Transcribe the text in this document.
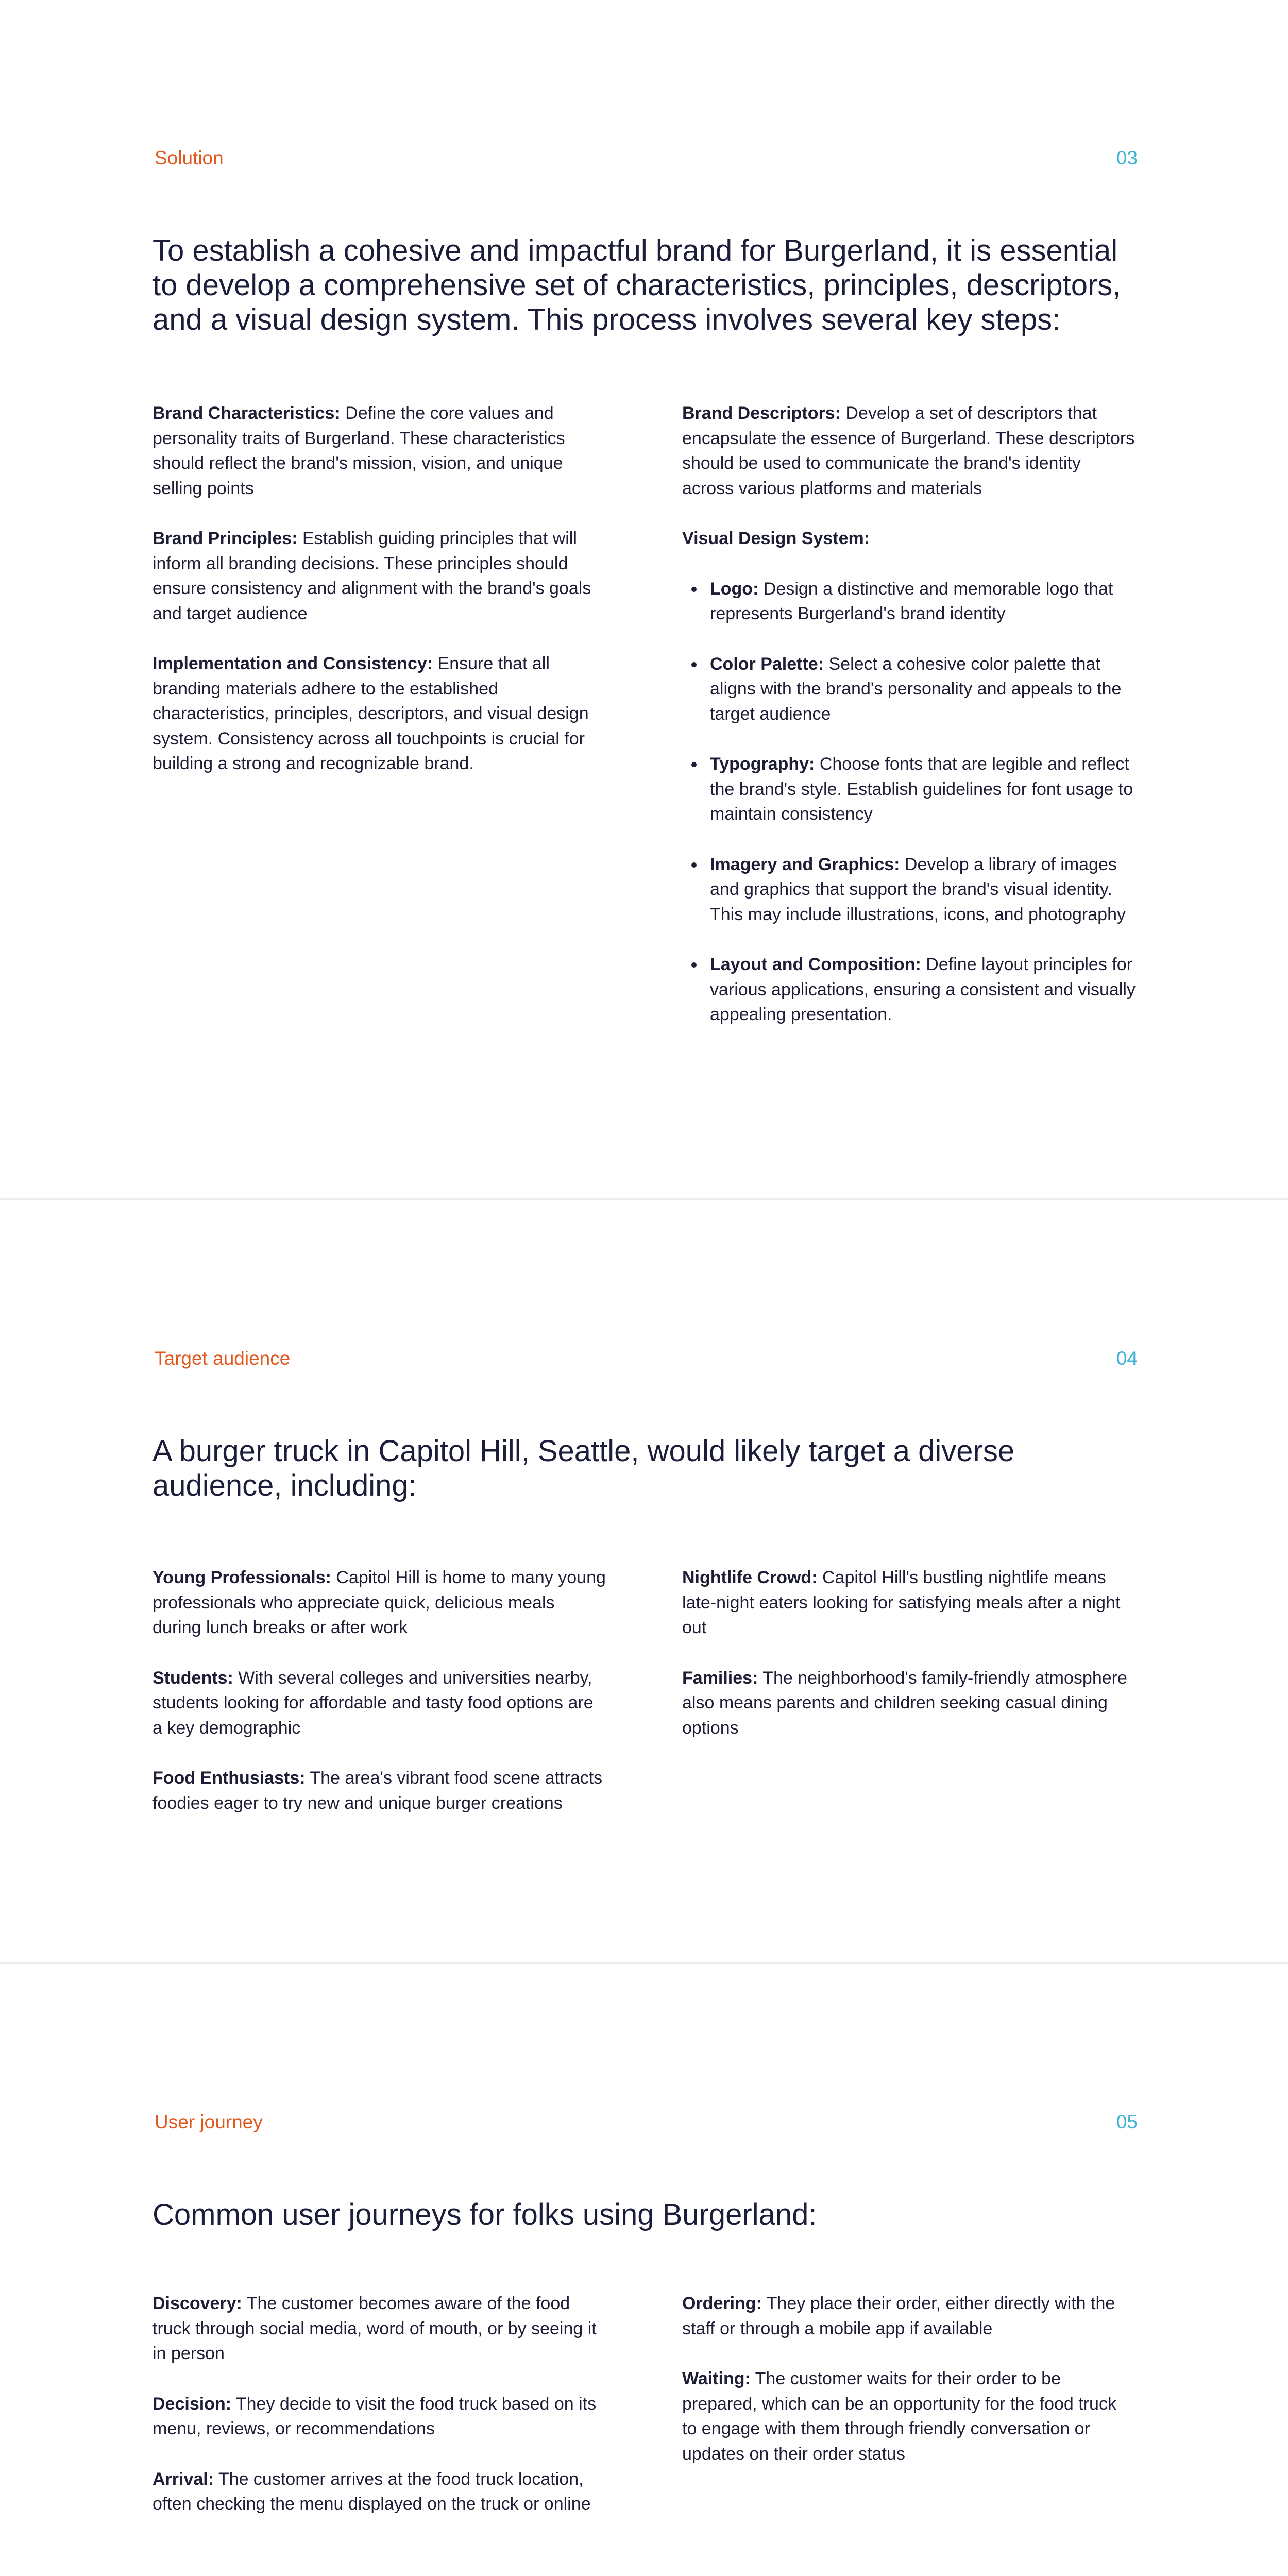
Solution	03
To establish a cohesive and impactful brand for Burgerland, it is essential to develop a comprehensive set of characteristics, principles, descriptors, and a visual design system. This process involves several key steps:

Brand Characteristics: Define the core values and personality traits of Burgerland. These characteristics should reflect the brand's mission, vision, and unique selling points

Brand Principles: Establish guiding principles that will inform all branding decisions. These principles should ensure consistency and alignment with the brand's goals and target audience

Implementation and Consistency: Ensure that all branding materials adhere to the established characteristics, principles, descriptors, and visual design system. Consistency across all touchpoints is crucial for building a strong and recognizable brand.

Brand Descriptors: Develop a set of descriptors that encapsulate the essence of Burgerland. These descriptors should be used to communicate the brand's identity across various platforms and materials

Visual Design System:

Logo: Design a distinctive and memorable logo that represents Burgerland's brand identity
Color Palette: Select a cohesive color palette that aligns with the brand's personality and appeals to the target audience
Typography: Choose fonts that are legible and reflect the brand's style. Establish guidelines for font usage to maintain consistency
Imagery and Graphics: Develop a library of images and graphics that support the brand's visual identity. This may include illustrations, icons, and photography
Layout and Composition: Define layout principles for various applications, ensuring a consistent and visually appealing presentation.
Target audience	04
A burger truck in Capitol Hill, Seattle, would likely target a diverse audience, including:

Young Professionals: Capitol Hill is home to many young professionals who appreciate quick, delicious meals during lunch breaks or after work

Students: With several colleges and universities nearby, students looking for affordable and tasty food options are a key demographic

Food Enthusiasts: The area's vibrant food scene attracts foodies eager to try new and unique burger creations

Nightlife Crowd: Capitol Hill's bustling nightlife means late-night eaters looking for satisfying meals after a night out

Families: The neighborhood's family-friendly atmosphere also means parents and children seeking casual dining options

User journey	05
Common user journeys for folks using Burgerland:

Discovery: The customer becomes aware of the food truck through social media, word of mouth, or by seeing it in person

Decision: They decide to visit the food truck based on its menu, reviews, or recommendations

Arrival: The customer arrives at the food truck location, often checking the menu displayed on the truck or online

Ordering: They place their order, either directly with the staff or through a mobile app if available

Waiting: The customer waits for their order to be prepared, which can be an opportunity for the food truck to engage with them through friendly conversation or updates on their order status
